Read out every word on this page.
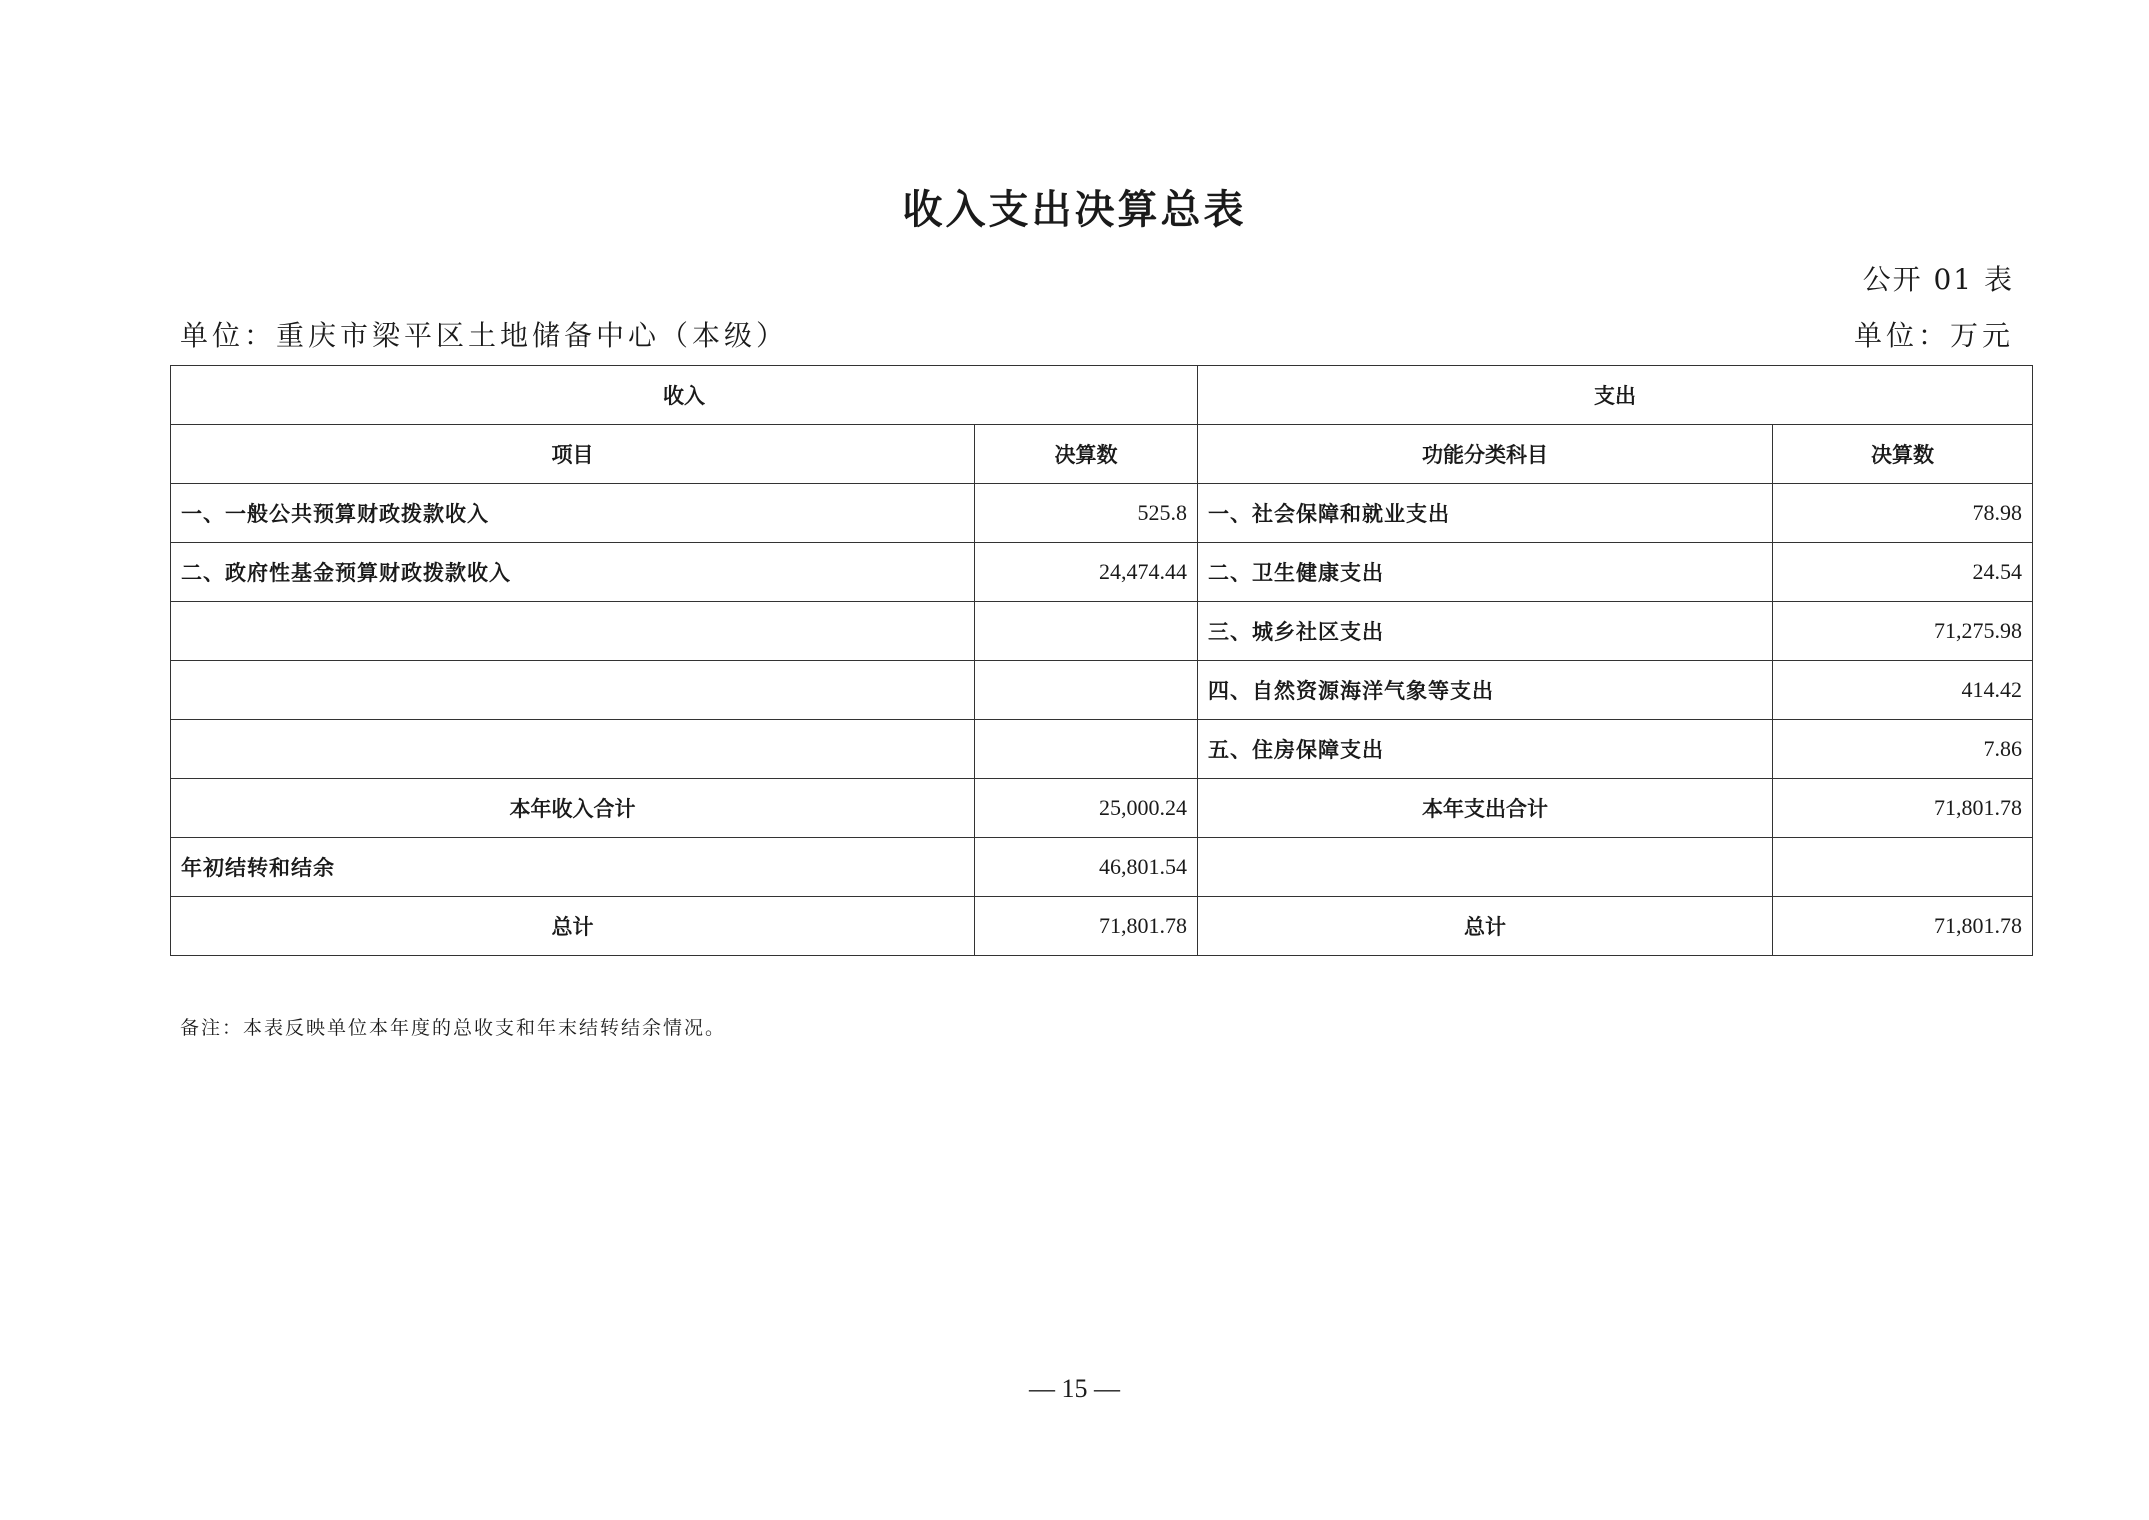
收入支出决算总表
公开 01 表
单位：重庆市梁平区土地储备中心（本级）	单位：万元
收入		支出	
项目	决算数	功能分类科目	决算数
一、一般公共预算财政拨款收入	525.8	一、社会保障和就业支出	78.98
二、政府性基金预算财政拨款收入	24,474.44	二、卫生健康支出	24.54
		三、城乡社区支出	71,275.98
		四、自然资源海洋气象等支出	414.42
		五、住房保障支出	7.86
本年收入合计	25,000.24	本年支出合计	71,801.78
年初结转和结余	46,801.54		
总计	71,801.78	总计	71,801.78
备注：本表反映单位本年度的总收支和年末结转结余情况。
— 15 —
